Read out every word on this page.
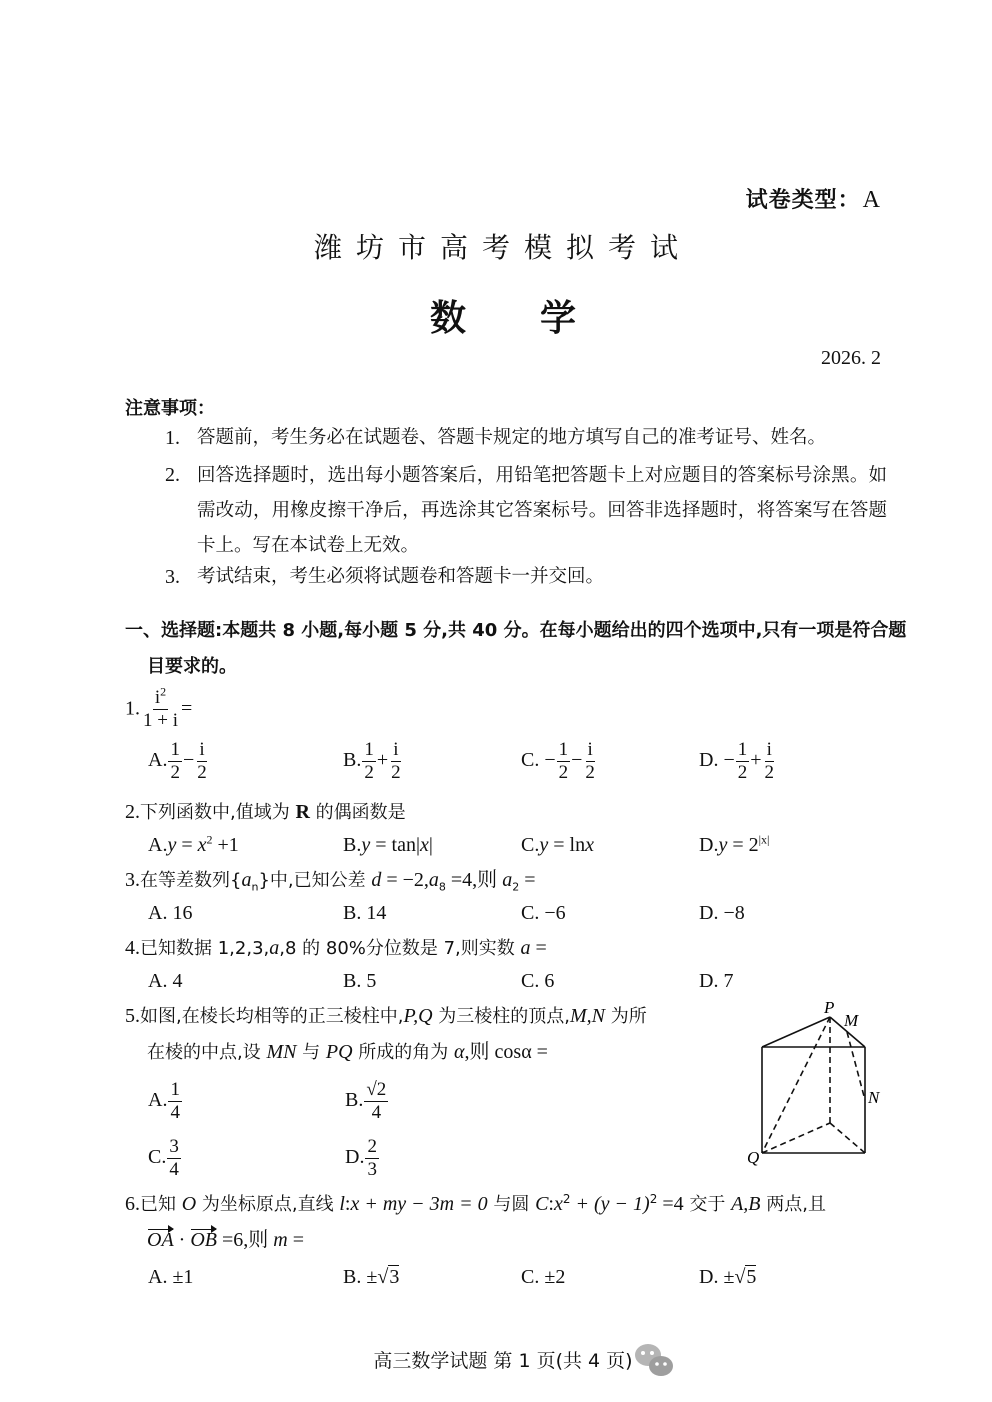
试卷类型：A
潍坊市高考模拟考试
数 学
2026. 2
注意事项：
1. 答题前，考生务必在试题卷、答题卡规定的地方填写自己的准考证号、姓名。
2. 回答选择题时，选出每小题答案后，用铅笔把答题卡上对应题目的答案标号涂黑。如需改动，用橡皮擦干净后，再选涂其它答案标号。回答非选择题时，将答案写在答题卡上。写在本试卷上无效。
3. 考试结束，考生必须将试题卷和答题卡一并交回。
一、选择题:本题共 8 小题,每小题 5 分,共 40 分。在每小题给出的四个选项中,只有一项是符合题目要求的。
1. $\frac{i^2}{1 + i}$ =
A. $\frac{1}{2} - \frac{i}{2}$	B. $\frac{1}{2} + \frac{i}{2}$	C. − $\frac{1}{2} - \frac{i}{2}$	D. − $\frac{1}{2} + \frac{i}{2}$
2.下列函数中,值域为 R 的偶函数是
$A.y = x^2 +1$	B.y = tan|x|	C.y = lnx	$D.y = 2^{|x|}$
3.在等差数列$\{a_n\}$中,已知公差 $d = -2,a_8 =4$,则 $a_2$ =
A. 16	B. 14	C. −6	D. −8
4.已知数据 1,2,3,a,8 的 80%分位数是 7,则实数 a =
A. 4	B. 5	C. 6	D. 7
5.如图,在棱长均相等的正三棱柱中,P,Q 为三棱柱的顶点,M,N 为所
在棱的中点,设 MN 与 PQ 所成的角为 α,则 cosα =
A. $\frac{1}{4}$	B. $\frac{√2}{4}$
C. $\frac{3}{4}$	D. $\frac{2}{3}$
P
M
N
Q
6.已知 O 为坐标原点,直线 l:x + my − 3m = 0 与圆 $C:x^2 + (y - 1)^2 =4$ 交于 A,B 两点,且
OA · OB =6,则 m =
A. ±1	B. ±√3	C. ±2	D. ±√5
高三数学试题 第 1 页(共 4 页)
